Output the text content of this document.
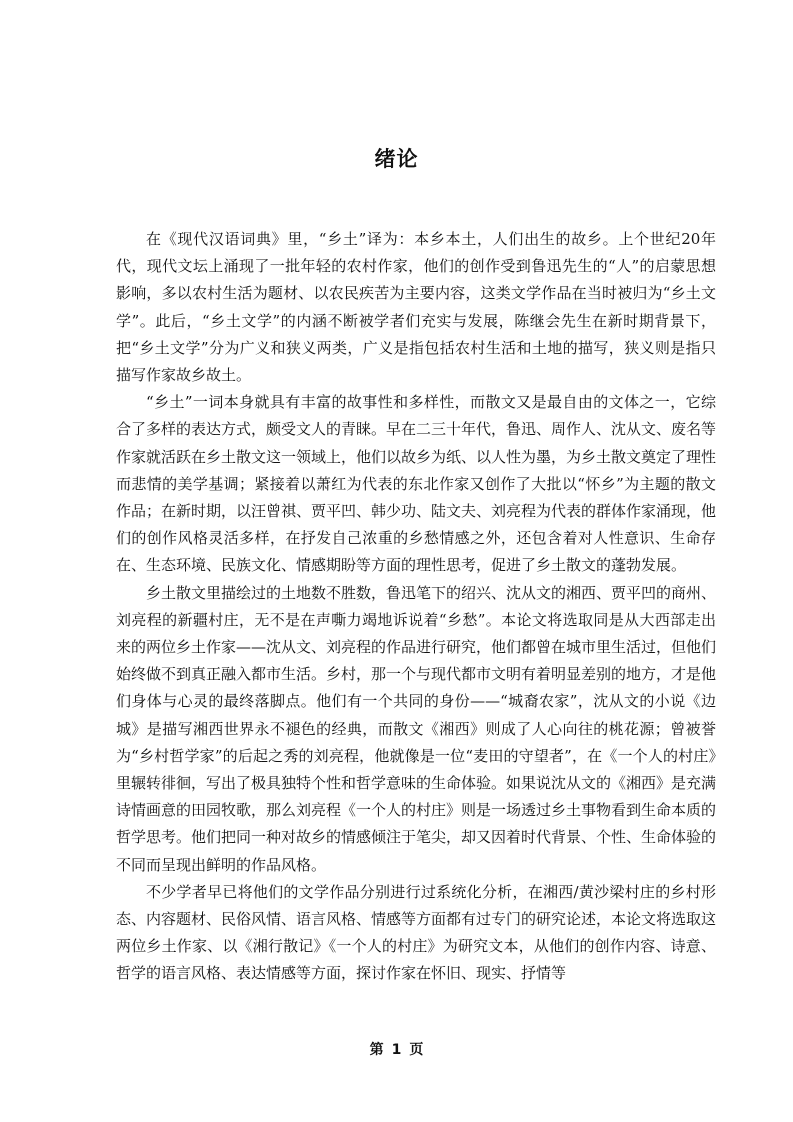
绪论

在《现代汉语词典》里，“乡土”译为：本乡本土，人们出生的故乡。上个世纪20年代，现代文坛上涌现了一批年轻的农村作家，他们的创作受到鲁迅先生的“人”的启蒙思想影响，多以农村生活为题材、以农民疾苦为主要内容，这类文学作品在当时被归为“乡土文学”。此后，“乡土文学”的内涵不断被学者们充实与发展，陈继会先生在新时期背景下，把“乡土文学”分为广义和狭义两类，广义是指包括农村生活和土地的描写，狭义则是指只描写作家故乡故土。

“乡土”一词本身就具有丰富的故事性和多样性，而散文又是最自由的文体之一，它综合了多样的表达方式，颇受文人的青睐。早在二三十年代，鲁迅、周作人、沈从文、废名等作家就活跃在乡土散文这一领域上，他们以故乡为纸、以人性为墨，为乡土散文奠定了理性而悲情的美学基调；紧接着以萧红为代表的东北作家又创作了大批以“怀乡”为主题的散文作品；在新时期，以汪曾祺、贾平凹、韩少功、陆文夫、刘亮程为代表的群体作家涌现，他们的创作风格灵活多样，在抒发自己浓重的乡愁情感之外，还包含着对人性意识、生命存在、生态环境、民族文化、情感期盼等方面的理性思考，促进了乡土散文的蓬勃发展。

乡土散文里描绘过的土地数不胜数，鲁迅笔下的绍兴、沈从文的湘西、贾平凹的商州、刘亮程的新疆村庄，无不是在声嘶力竭地诉说着“乡愁”。本论文将选取同是从大西部走出来的两位乡土作家——沈从文、刘亮程的作品进行研究，他们都曾在城市里生活过，但他们始终做不到真正融入都市生活。乡村，那一个与现代都市文明有着明显差别的地方，才是他们身体与心灵的最终落脚点。他们有一个共同的身份——“城裔农家”，沈从文的小说《边城》是描写湘西世界永不褪色的经典，而散文《湘西》则成了人心向往的桃花源；曾被誉为“乡村哲学家”的后起之秀的刘亮程，他就像是一位“麦田的守望者”，在《一个人的村庄》里辗转徘徊，写出了极具独特个性和哲学意味的生命体验。如果说沈从文的《湘西》是充满诗情画意的田园牧歌，那么刘亮程《一个人的村庄》则是一场透过乡土事物看到生命本质的哲学思考。他们把同一种对故乡的情感倾注于笔尖，却又因着时代背景、个性、生命体验的不同而呈现出鲜明的作品风格。

不少学者早已将他们的文学作品分别进行过系统化分析，在湘西/黄沙梁村庄的乡村形态、内容题材、民俗风情、语言风格、情感等方面都有过专门的研究论述，本论文将选取这两位乡土作家、以《湘行散记》《一个人的村庄》为研究文本，从他们的创作内容、诗意、哲学的语言风格、表达情感等方面，探讨作家在怀旧、现实、抒情等

第 1 页
